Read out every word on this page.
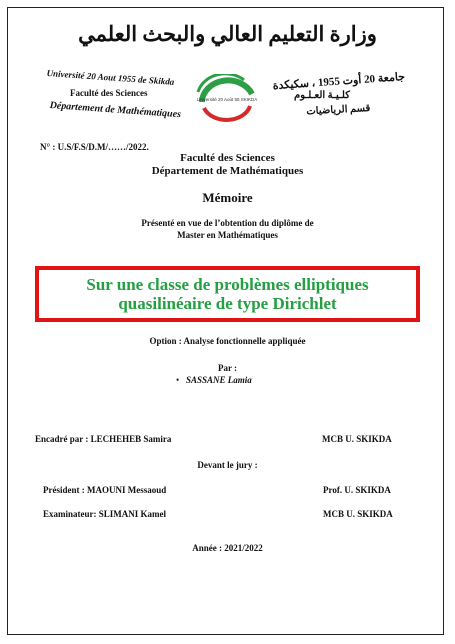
وزارة التعليم العالي والبحث العلمي
Université 20 Aout 1955 de Skikda
Faculté des Sciences
Département de Mathématiques
جامعة 20 أوت 1955 ، سكيكدة
كلـيـة العـلـوم
قسم الرياضيات
Université 20 Août 55 SKIKDA
N° : U.S/F.S/D.M/……/2022.
Faculté des Sciences
Département de Mathématiques
Mémoire
Présenté en vue de l’obtention du diplôme de
Master en Mathématiques
Sur une classe de problèmes elliptiques
quasilinéaire de type Dirichlet
Option : Analyse fonctionnelle appliquée
Par :
• SASSANE Lamia
Encadré par : LECHEHEB Samira	MCB U. SKIKDA
Devant le jury :
Président : MAOUNI Messaoud	Prof. U. SKIKDA
Examinateur: SLIMANI Kamel	MCB U. SKIKDA
Année : 2021/2022
